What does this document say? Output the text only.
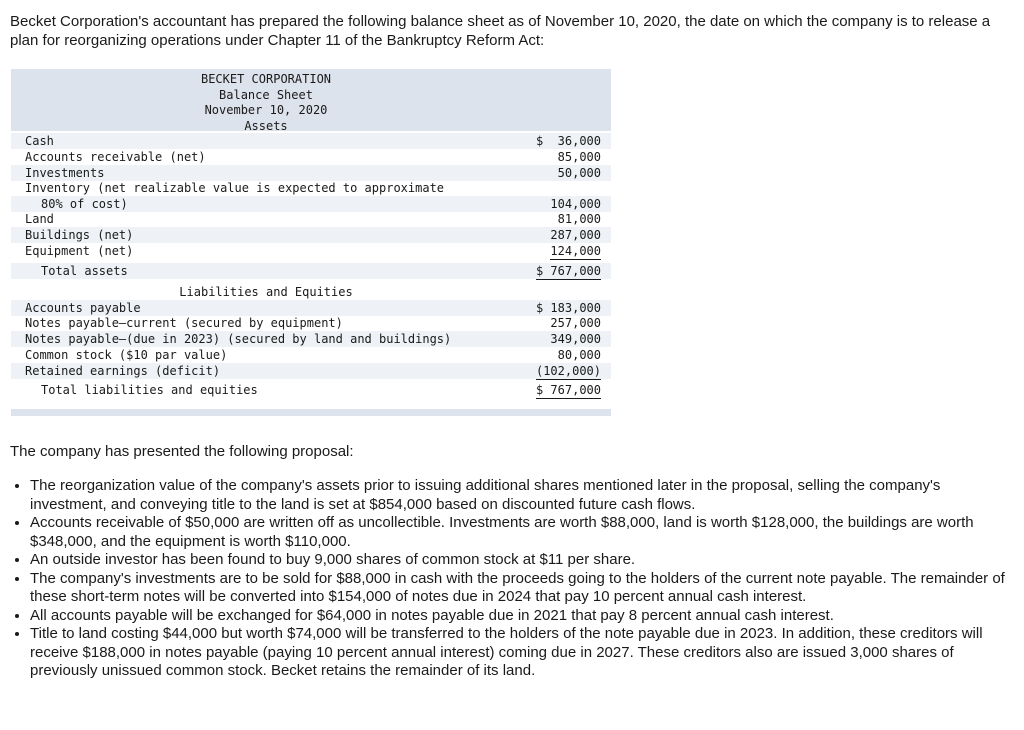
Becket Corporation's accountant has prepared the following balance sheet as of November 10, 2020, the date on which the company is to release a plan for reorganizing operations under Chapter 11 of the Bankruptcy Reform Act:
BECKET CORPORATION
Balance Sheet
November 10, 2020
Assets
Cash	$  36,000
Accounts receivable (net)	85,000
Investments	50,000
Inventory (net realizable value is expected to approximate
80% of cost)	104,000
Land	81,000
Buildings (net)	287,000
Equipment (net)	124,000
Total assets	$ 767,000
Liabilities and Equities
Accounts payable	$ 183,000
Notes payable—current (secured by equipment)	257,000
Notes payable—(due in 2023) (secured by land and buildings)	349,000
Common stock ($10 par value)	80,000
Retained earnings (deficit)	(102,000)
Total liabilities and equities	$ 767,000
The company has presented the following proposal:
• The reorganization value of the company's assets prior to issuing additional shares mentioned later in the proposal, selling the company's investment, and conveying title to the land is set at $854,000 based on discounted future cash flows.
• Accounts receivable of $50,000 are written off as uncollectible. Investments are worth $88,000, land is worth $128,000, the buildings are worth $348,000, and the equipment is worth $110,000.
• An outside investor has been found to buy 9,000 shares of common stock at $11 per share.
• The company's investments are to be sold for $88,000 in cash with the proceeds going to the holders of the current note payable. The remainder of these short-term notes will be converted into $154,000 of notes due in 2024 that pay 10 percent annual cash interest.
• All accounts payable will be exchanged for $64,000 in notes payable due in 2021 that pay 8 percent annual cash interest.
• Title to land costing $44,000 but worth $74,000 will be transferred to the holders of the note payable due in 2023. In addition, these creditors will receive $188,000 in notes payable (paying 10 percent annual interest) coming due in 2027. These creditors also are issued 3,000 shares of previously unissued common stock. Becket retains the remainder of its land.
